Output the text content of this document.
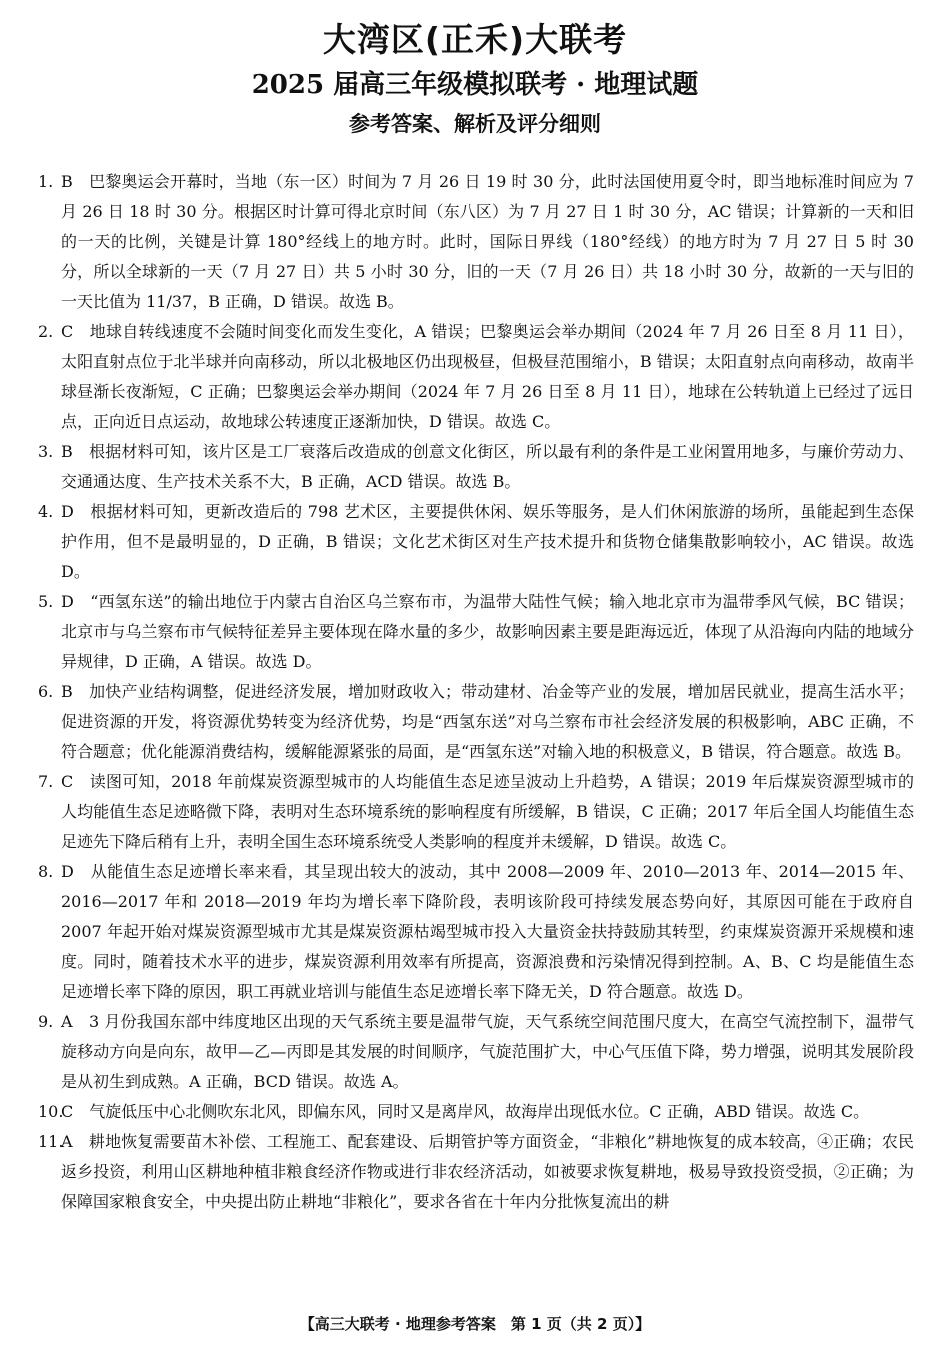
大湾区(正禾)大联考
2025 届高三年级模拟联考 · 地理试题
参考答案、解析及评分细则
1. B　巴黎奥运会开幕时，当地（东一区）时间为 7 月 26 日 19 时 30 分，此时法国使用夏令时，即当地标准时间应为 7 月 26 日 18 时 30 分。根据区时计算可得北京时间（东八区）为 7 月 27 日 1 时 30 分，AC 错误；计算新的一天和旧的一天的比例，关键是计算 180°经线上的地方时。此时，国际日界线（180°经线）的地方时为 7 月 27 日 5 时 30 分，所以全球新的一天（7 月 27 日）共 5 小时 30 分，旧的一天（7 月 26 日）共 18 小时 30 分，故新的一天与旧的一天比值为 11/37，B 正确，D 错误。故选 B。
2. C　地球自转线速度不会随时间变化而发生变化，A 错误；巴黎奥运会举办期间（2024 年 7 月 26 日至 8 月 11 日），太阳直射点位于北半球并向南移动，所以北极地区仍出现极昼，但极昼范围缩小，B 错误；太阳直射点向南移动，故南半球昼渐长夜渐短，C 正确；巴黎奥运会举办期间（2024 年 7 月 26 日至 8 月 11 日），地球在公转轨道上已经过了远日点，正向近日点运动，故地球公转速度正逐渐加快，D 错误。故选 C。
3. B　根据材料可知，该片区是工厂衰落后改造成的创意文化街区，所以最有利的条件是工业闲置用地多，与廉价劳动力、交通通达度、生产技术关系不大，B 正确，ACD 错误。故选 B。
4. D　根据材料可知，更新改造后的 798 艺术区，主要提供休闲、娱乐等服务，是人们休闲旅游的场所，虽能起到生态保护作用，但不是最明显的，D 正确，B 错误；文化艺术街区对生产技术提升和货物仓储集散影响较小，AC 错误。故选 D。
5. D　“西氢东送”的输出地位于内蒙古自治区乌兰察布市，为温带大陆性气候；输入地北京市为温带季风气候，BC 错误；北京市与乌兰察布市气候特征差异主要体现在降水量的多少，故影响因素主要是距海远近，体现了从沿海向内陆的地域分异规律，D 正确，A 错误。故选 D。
6. B　加快产业结构调整，促进经济发展，增加财政收入；带动建材、冶金等产业的发展，增加居民就业，提高生活水平；促进资源的开发，将资源优势转变为经济优势，均是“西氢东送”对乌兰察布市社会经济发展的积极影响，ABC 正确，不符合题意；优化能源消费结构，缓解能源紧张的局面，是“西氢东送”对输入地的积极意义，B 错误，符合题意。故选 B。
7. C　读图可知，2018 年前煤炭资源型城市的人均能值生态足迹呈波动上升趋势，A 错误；2019 年后煤炭资源型城市的人均能值生态足迹略微下降，表明对生态环境系统的影响程度有所缓解，B 错误，C 正确；2017 年后全国人均能值生态足迹先下降后稍有上升，表明全国生态环境系统受人类影响的程度并未缓解，D 错误。故选 C。
8. D　从能值生态足迹增长率来看，其呈现出较大的波动，其中 2008—2009 年、2010—2013 年、2014—2015 年、2016—2017 年和 2018—2019 年均为增长率下降阶段，表明该阶段可持续发展态势向好，其原因可能在于政府自 2007 年起开始对煤炭资源型城市尤其是煤炭资源枯竭型城市投入大量资金扶持鼓励其转型，约束煤炭资源开采规模和速度。同时，随着技术水平的进步，煤炭资源利用效率有所提高，资源浪费和污染情况得到控制。A、B、C 均是能值生态足迹增长率下降的原因，职工再就业培训与能值生态足迹增长率下降无关，D 符合题意。故选 D。
9. A　3 月份我国东部中纬度地区出现的天气系统主要是温带气旋，天气系统空间范围尺度大，在高空气流控制下，温带气旋移动方向是向东，故甲—乙—丙即是其发展的时间顺序，气旋范围扩大，中心气压值下降，势力增强，说明其发展阶段是从初生到成熟。A 正确，BCD 错误。故选 A。
10.
C　气旋低压中心北侧吹东北风，即偏东风，同时又是离岸风，故海岸出现低水位。C 正确，ABD 错误。故选 C。
11.
A　耕地恢复需要苗木补偿、工程施工、配套建设、后期管护等方面资金，“非粮化”耕地恢复的成本较高，④正确；农民返乡投资，利用山区耕地种植非粮食经济作物或进行非农经济活动，如被要求恢复耕地，极易导致投资受损，②正确；为保障国家粮食安全，中央提出防止耕地“非粮化”，要求各省在十年内分批恢复流出的耕
【高三大联考 · 地理参考答案　第 1 页（共 2 页）】
